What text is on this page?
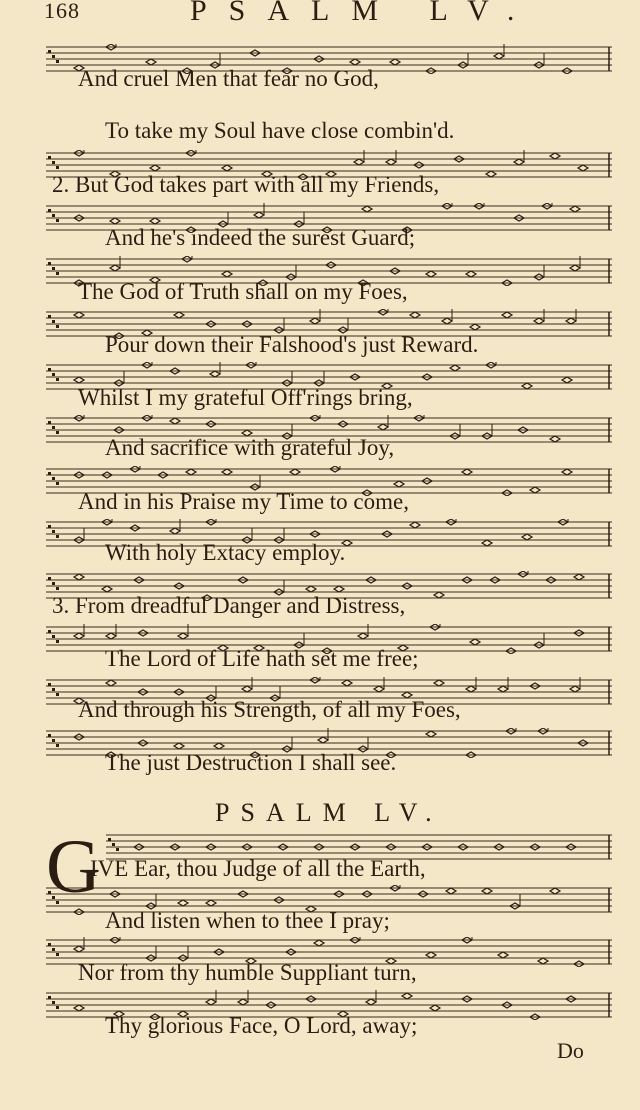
168	PSALM LV.
And cruel Men that fear no God,
To take my Soul have close combin'd.
2. But God takes part with all my Friends,
And he's indeed the surest Guard;
The God of Truth shall on my Foes,
Pour down their Falshood's just Reward.
Whilst I my grateful Off'rings bring,
And sacrifice with grateful Joy,
And in his Praise my Time to come,
With holy Extacy employ.
3. From dreadful Danger and Distress,
The Lord of Life hath set me free;
And through his Strength, of all my Foes,
The just Destruction I shall see.
PSALM LV.
G
IVE Ear, thou Judge of all the Earth,
And listen when to thee I pray;
Nor from thy humble Suppliant turn,
Thy glorious Face, O Lord, away;
Do
